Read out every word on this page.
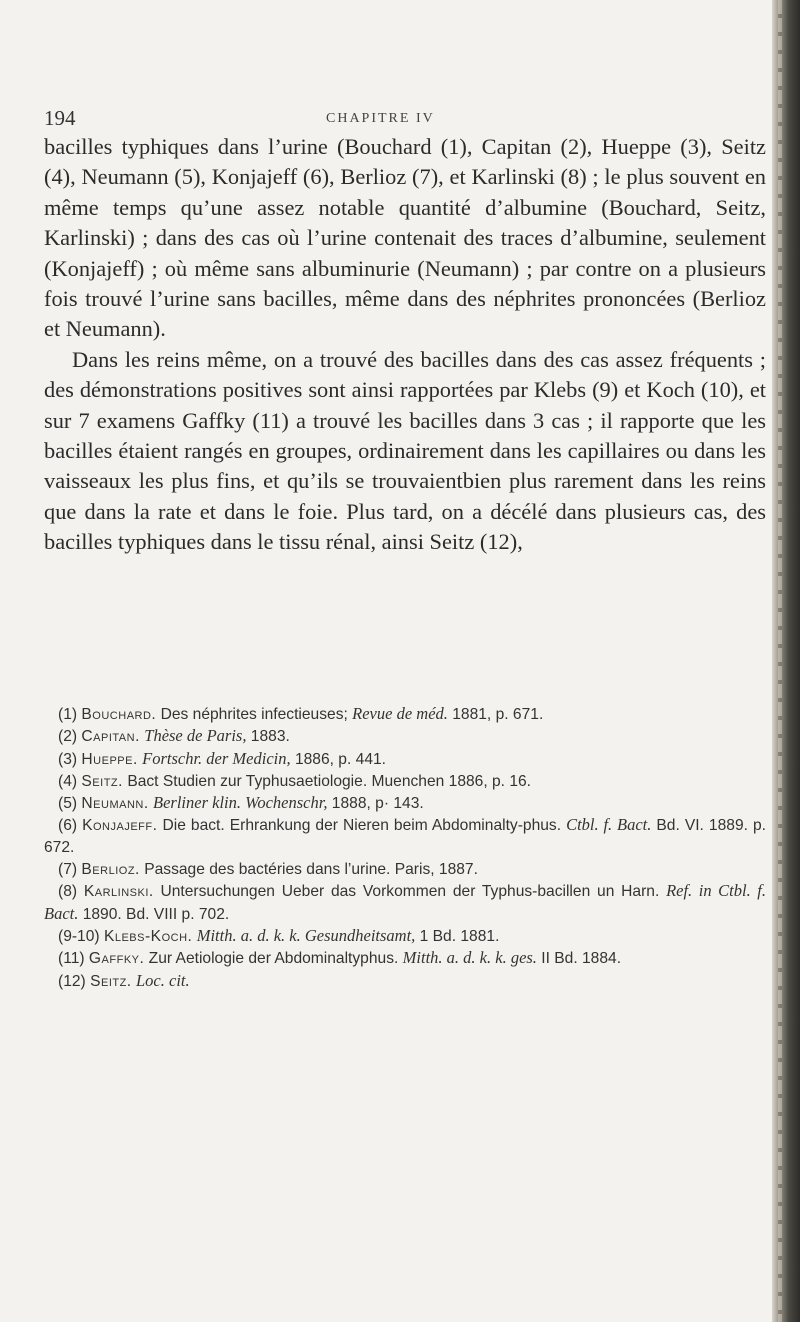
194	CHAPITRE IV

bacilles typhiques dans l’urine (Bouchard (1), Capitan (2), Hueppe (3), Seitz (4), Neumann (5), Konjajeff (6), Berlioz (7), et Karlinski (8) ; le plus souvent en même temps qu’une assez notable quantité d’albumine (Bouchard, Seitz, Karlinski) ; dans des cas où l’urine contenait des traces d’albumine, seulement (Konjajeff) ; où même sans albuminurie (Neumann) ; par contre on a plusieurs fois trouvé l’urine sans bacilles, même dans des néphrites prononcées (Berlioz et Neumann).

Dans les reins même, on a trouvé des bacilles dans des cas assez fréquents ; des démonstrations positives sont ainsi rapportées par Klebs (9) et Koch (10), et sur 7 examens Gaffky (11) a trouvé les bacilles dans 3 cas ; il rapporte que les bacilles étaient rangés en groupes, ordinairement dans les capillaires ou dans les vaisseaux les plus fins, et qu’ils se trouvaientbien plus rarement dans les reins que dans la rate et dans le foie. Plus tard, on a décélé dans plusieurs cas, des bacilles typhiques dans le tissu rénal, ainsi Seitz (12),

(1) Bouchard. Des néphrites infectieuses; Revue de méd. 1881, p. 671.

(2) Capitan. Thèse de Paris, 1883.

(3) Hueppe. Fortschr. der Medicin, 1886, p. 441.

(4) Seitz. Bact Studien zur Typhusaetiologie. Muenchen 1886, p. 16.

(5) Neumann. Berliner klin. Wochenschr, 1888, p· 143.

(6) Konjajeff. Die bact. Erhrankung der Nieren beim Abdominalty-phus. Ctbl. f. Bact. Bd. VI. 1889. p. 672.

(7) Berlioz. Passage des bactéries dans l’urine. Paris, 1887.

(8) Karlinski. Untersuchungen Ueber das Vorkommen der Typhus-bacillen un Harn. Ref. in Ctbl. f. Bact. 1890. Bd. VIII p. 702.

(9-10) Klebs-Koch. Mitth. a. d. k. k. Gesundheitsamt, 1 Bd. 1881.

(11) Gaffky. Zur Aetiologie der Abdominaltyphus. Mitth. a. d. k. k. ges. II Bd. 1884.

(12) Seitz. Loc. cit.
